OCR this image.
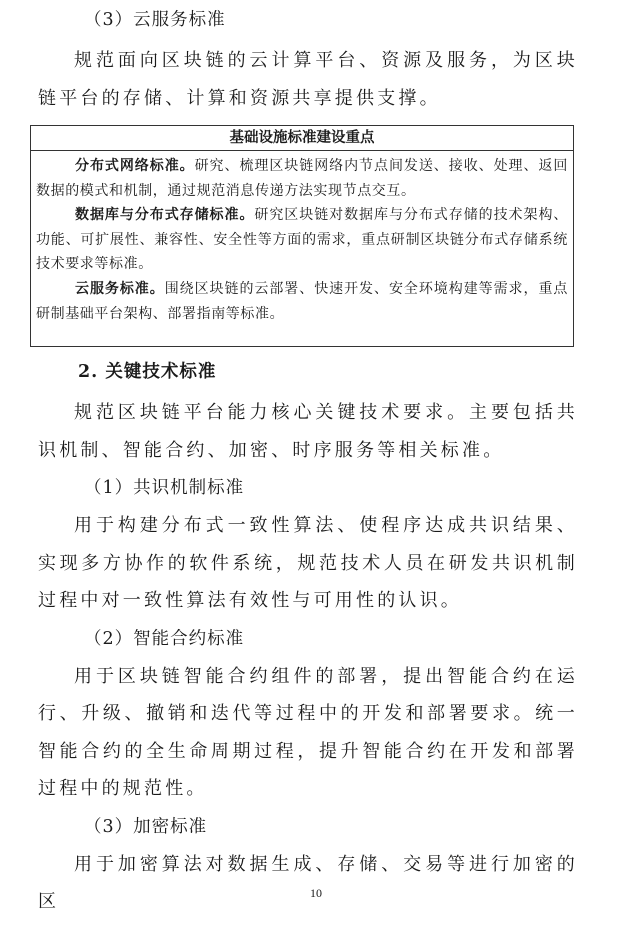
（3）云服务标准

规范面向区块链的云计算平台、资源及服务，为区块链平台的存储、计算和资源共享提供支撑。

基础设施标准建设重点

分布式网络标准。研究、梳理区块链网络内节点间发送、接收、处理、返回数据的模式和机制，通过规范消息传递方法实现节点交互。

数据库与分布式存储标准。研究区块链对数据库与分布式存储的技术架构、功能、可扩展性、兼容性、安全性等方面的需求，重点研制区块链分布式存储系统技术要求等标准。

云服务标准。围绕区块链的云部署、快速开发、安全环境构建等需求，重点研制基础平台架构、部署指南等标准。

2. 关键技术标准

规范区块链平台能力核心关键技术要求。主要包括共识机制、智能合约、加密、时序服务等相关标准。

（1）共识机制标准

用于构建分布式一致性算法、使程序达成共识结果、实现多方协作的软件系统，规范技术人员在研发共识机制过程中对一致性算法有效性与可用性的认识。

（2）智能合约标准

用于区块链智能合约组件的部署，提出智能合约在运行、升级、撤销和迭代等过程中的开发和部署要求。统一智能合约的全生命周期过程，提升智能合约在开发和部署过程中的规范性。

（3）加密标准

用于加密算法对数据生成、存储、交易等进行加密的区	10
